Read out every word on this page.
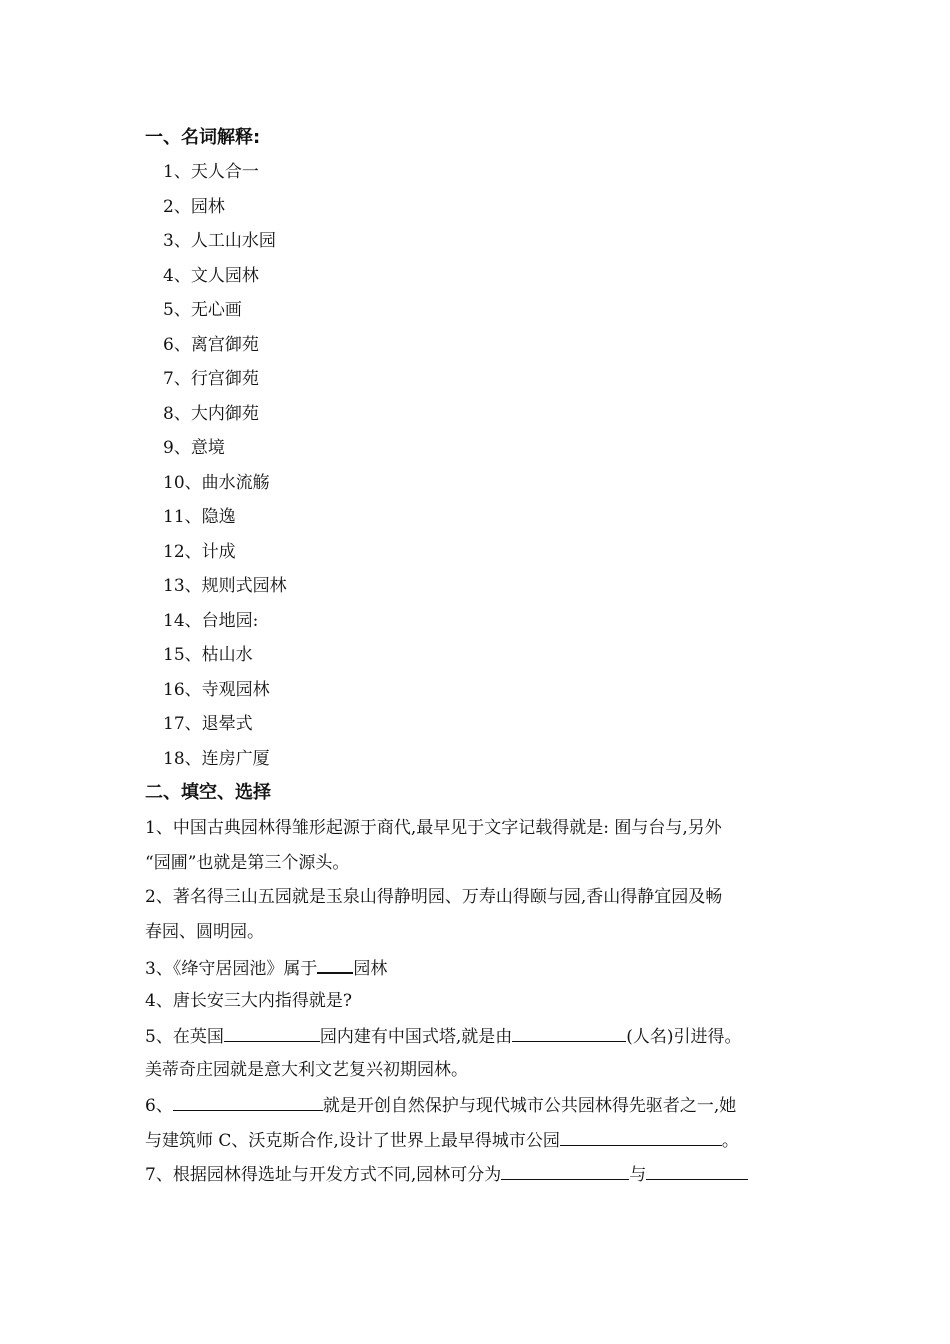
一、名词解释:
1、天人合一
2、园林
3、人工山水园
4、文人园林
5、无心画
6、离宫御苑
7、行宫御苑
8、大内御苑
9、意境
10、曲水流觞
11、隐逸
12、计成
13、规则式园林
14、台地园:
15、枯山水
16、寺观园林
17、退晕式
18、连房广厦
二、填空、选择
1、中国古典园林得雏形起源于商代,最早见于文字记载得就是: 囿与台与,另外
“园圃”也就是第三个源头。
2、著名得三山五园就是玉泉山得静明园、万寿山得颐与园,香山得静宜园及畅
春园、圆明园。
3、《绛守居园池》属于 园林
4、唐长安三大内指得就是?
5、在英国	园内建有中国式塔,就是由	(人名)引进得。
美蒂奇庄园就是意大利文艺复兴初期园林。
6、	就是开创自然保护与现代城市公共园林得先驱者之一,她
与建筑师 C、沃克斯合作,设计了世界上最早得城市公园	。
7、根据园林得选址与开发方式不同,园林可分为	与
